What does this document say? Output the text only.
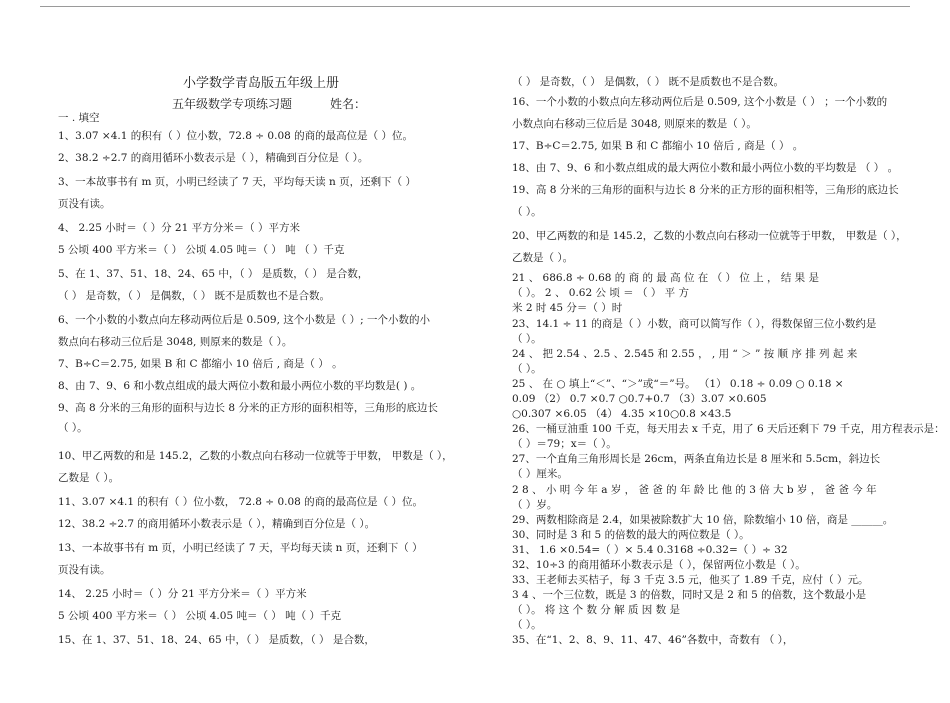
小学数学青岛版五年级上册
五年级数学专项练习题	姓名：
一 . 填空
1、3.07 ×4.1 的积有（ ）位小数，72.8 ÷ 0.08 的商的最高位是（ ）位。
2、38.2 ÷2.7 的商用循环小数表示是（ ），精确到百分位是（ ）。
3、一本故事书有 m 页，小明已经读了 7 天，平均每天读 n 页，还剩下（ ）
页没有读。
4、 2.25 小时＝（ ）分 21 平方分米＝（ ）平方米
5 公顷 400 平方米＝（ ） 公顷 4.05 吨＝（ ） 吨 （ ）千克
5、在 1、37、51、18、24、65 中，（ ） 是质数，（ ） 是合数，
（ ） 是奇数，（ ） 是偶数，（ ） 既不是质数也不是合数。
6、一个小数的小数点向左移动两位后是 0.509, 这个小数是（ ）; 一个小数的小
数点向右移动三位后是 3048, 则原来的数是（ ）。
7、B÷C＝2.75, 如果 B 和 C 都缩小 10 倍后 , 商是（ ） 。
8、由 7、9、6 和小数点组成的最大两位小数和最小两位小数的平均数是( ) 。
9、高 8 分米的三角形的面积与边长 8 分米的正方形的面积相等，三角形的底边长
（ ）。
10、甲乙两数的和是 145.2，乙数的小数点向右移动一位就等于甲数， 甲数是（ ），
乙数是（ ）。
11、3.07 ×4.1 的积有（ ）位小数， 72.8 ÷ 0.08 的商的最高位是（ ）位。
12、38.2 ÷2.7 的商用循环小数表示是（ ），精确到百分位是（ ）。
13、一本故事书有 m 页，小明已经读了 7 天，平均每天读 n 页，还剩下（ ）
页没有读。
14、 2.25 小时＝（ ）分 21 平方分米＝（ ）平方米
5 公顷 400 平方米＝（ ） 公顷 4.05 吨＝（ ） 吨（ ）千克
15、在 1、37、51、18、24、65 中，（ ） 是质数，（ ） 是合数，
（ ） 是奇数，（ ） 是偶数，（ ） 既不是质数也不是合数。
16、一个小数的小数点向左移动两位后是 0.509, 这个小数是（ ） ；一个小数的
小数点向右移动三位后是 3048, 则原来的数是（ ）。
17、B÷C＝2.75, 如果 B 和 C 都缩小 10 倍后 , 商是（ ） 。
18、由 7、9、6 和小数点组成的最大两位小数和最小两位小数的平均数是 （ ） 。
19、高 8 分米的三角形的面积与边长 8 分米的正方形的面积相等，三角形的底边长
（ ）。
20、甲乙两数的和是 145.2，乙数的小数点向右移动一位就等于甲数， 甲数是（ ），
乙数是（ ）。
21 、 686.8 ÷ 0.68 的 商 的 最 高 位 在 （ ） 位 上 ， 结 果 是
（ ）。 2 、 0.62 公 顷 ＝ （ ） 平 方
米 2 时 45 分＝（ ）时
23、14.1 ÷ 11 的商是（ ）小数，商可以简写作（ ），得数保留三位小数约是
（ ）。
24 、 把 2.54 、2.5 、2.545 和 2.55 ， , 用 “ ＞ ” 按 顺 序 排 列 起 来
（ ）。
25 、 在 ○ 填上“＜”、“＞”或“＝”号。 （1） 0.18 ÷ 0.09 ○ 0.18 ×
0.09 （2） 0.7 ×0.7 ○0.7+0.7 （3）3.07 ×0.605
○0.307 ×6.05 （4） 4.35 ×10○0.8 ×43.5
26、一桶豆油重 100 千克，每天用去 x 千克，用了 6 天后还剩下 79 千克，用方程表示是：
（ ）＝79；x＝（ ）。
27、一个直角三角形周长是 26cm，两条直角边长是 8 厘米和 5.5cm，斜边长
（ ）厘米。
2 8 、 小 明 今 年 a 岁 ， 爸 爸 的 年 龄 比 他 的 3 倍 大 b 岁 ， 爸 爸 今 年
（ ）岁。
29、两数相除商是 2.4，如果被除数扩大 10 倍，除数缩小 10 倍，商是 ______。
30、同时是 3 和 5 的倍数的最大的两位数是（ ）。
31、 1.6 ×0.54=（ ）× 5.4 0.3168 ÷0.32=（ ）÷ 32
32、10÷3 的商用循环小数表示是（ ），保留两位小数是（ ）。
33、王老师去买桔子，每 3 千克 3.5 元，他买了 1.89 千克，应付（ ）元。
3 4 、一个三位数，既是 3 的倍数，同时又是 2 和 5 的倍数，这个数最小是
（ ）。 将 这 个 数 分 解 质 因 数 是
（ ）。
35、在“1、2、8、9、11、47、46”各数中，奇数有 （ ），
